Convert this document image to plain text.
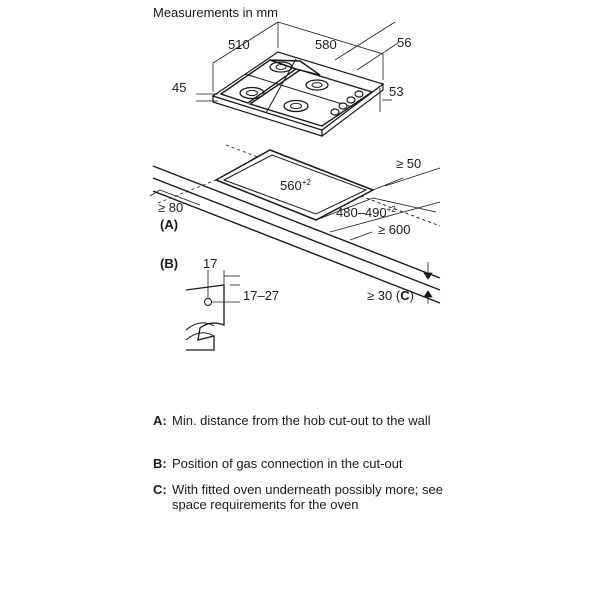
Measurements in mm
510	580	56
45	53
$560^{+2}$
$480-490^{+2}$
≥ 50
≥ 80
(A)	≥ 600
≥ 30 (C)
(B) 17
17–27
A: Min. distance from the hob cut-out to the wall
B: Position of gas connection in the cut-out
C: With fitted oven underneath possibly more; see space requirements for the oven
